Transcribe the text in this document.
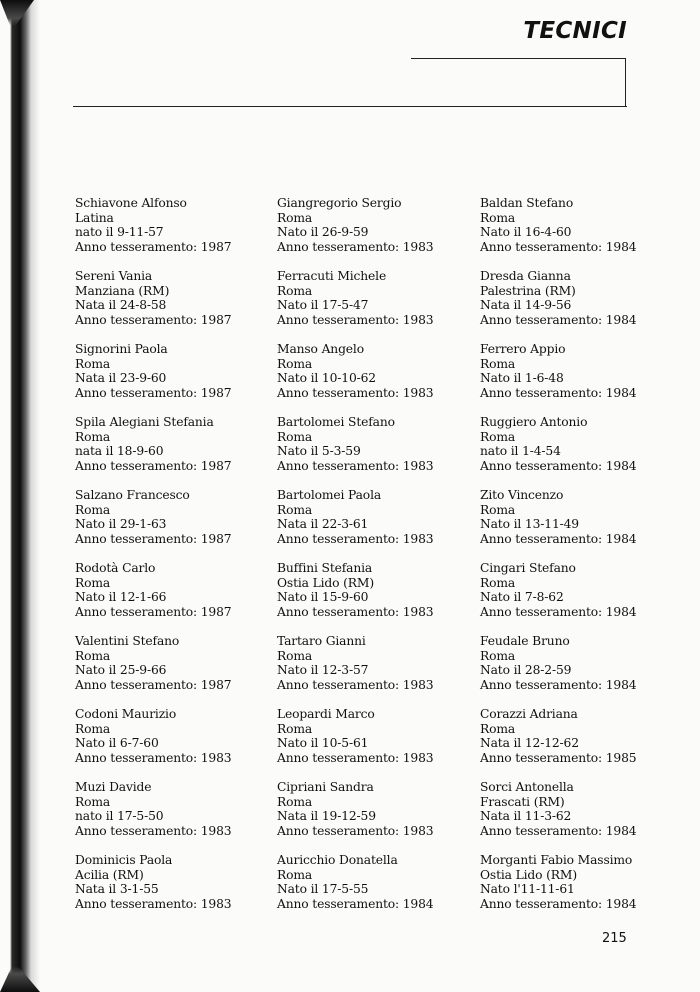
TECNICI
Schiavone Alfonso
Latina
nato il 9-11-57
Anno tesseramento: 1987
Sereni Vania
Manziana (RM)
Nata il 24-8-58
Anno tesseramento: 1987
Signorini Paola
Roma
Nata il 23-9-60
Anno tesseramento: 1987
Spila Alegiani Stefania
Roma
nata il 18-9-60
Anno tesseramento: 1987
Salzano Francesco
Roma
Nato il 29-1-63
Anno tesseramento: 1987
Rodotà Carlo
Roma
Nato il 12-1-66
Anno tesseramento: 1987
Valentini Stefano
Roma
Nato il 25-9-66
Anno tesseramento: 1987
Codoni Maurizio
Roma
Nato il 6-7-60
Anno tesseramento: 1983
Muzi Davide
Roma
nato il 17-5-50
Anno tesseramento: 1983
Dominicis Paola
Acilia (RM)
Nata il 3-1-55
Anno tesseramento: 1983
Giangregorio Sergio
Roma
Nato il 26-9-59
Anno tesseramento: 1983
Ferracuti Michele
Roma
Nato il 17-5-47
Anno tesseramento: 1983
Manso Angelo
Roma
Nato il 10-10-62
Anno tesseramento: 1983
Bartolomei Stefano
Roma
Nato il 5-3-59
Anno tesseramento: 1983
Bartolomei Paola
Roma
Nata il 22-3-61
Anno tesseramento: 1983
Buffini Stefania
Ostia Lido (RM)
Nato il 15-9-60
Anno tesseramento: 1983
Tartaro Gianni
Roma
Nato il 12-3-57
Anno tesseramento: 1983
Leopardi Marco
Roma
Nato il 10-5-61
Anno tesseramento: 1983
Cipriani Sandra
Roma
Nata il 19-12-59
Anno tesseramento: 1983
Auricchio Donatella
Roma
Nato il 17-5-55
Anno tesseramento: 1984
Baldan Stefano
Roma
Nato il 16-4-60
Anno tesseramento: 1984
Dresda Gianna
Palestrina (RM)
Nata il 14-9-56
Anno tesseramento: 1984
Ferrero Appio
Roma
Nato il 1-6-48
Anno tesseramento: 1984
Ruggiero Antonio
Roma
nato il 1-4-54
Anno tesseramento: 1984
Zito Vincenzo
Roma
Nato il 13-11-49
Anno tesseramento: 1984
Cingari Stefano
Roma
Nato il 7-8-62
Anno tesseramento: 1984
Feudale Bruno
Roma
Nato il 28-2-59
Anno tesseramento: 1984
Corazzi Adriana
Roma
Nata il 12-12-62
Anno tesseramento: 1985
Sorci Antonella
Frascati (RM)
Nata il 11-3-62
Anno tesseramento: 1984
Morganti Fabio Massimo
Ostia Lido (RM)
Nato l'11-11-61
Anno tesseramento: 1984
215
